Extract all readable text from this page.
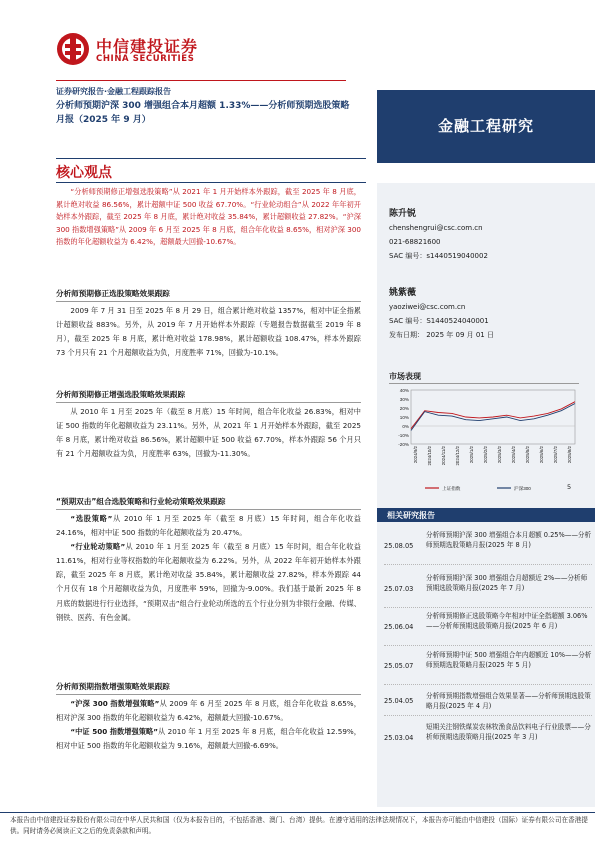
中信建投证券
CHINA SECURITIES
证券研究报告·金融工程跟踪报告
分析师预期沪深 300 增强组合本月超额 1.33%——分析师预期选股策略月报（2025 年 9 月）	金融工程研究
核心观点
“分析师预期修正增强选股策略”从 2021 年 1 月开始样本外跟踪，截至 2025 年 8 月底，累计绝对收益 86.56%，累计超额中证 500 收益 67.70%。“行业轮动组合”从 2022 年年初开始样本外跟踪，截至 2025 年 8 月底，累计绝对收益 35.84%，累计超额收益 27.82%。“沪深 300 指数增强策略”从 2009 年 6 月至 2025 年 8 月底，组合年化收益 8.65%，相对沪深 300 指数的年化超额收益为 6.42%，超额最大回撤-10.67%。
分析师预期修正选股策略效果跟踪

2009 年 7 月 31 日至 2025 年 8 月 29 日，组合累计绝对收益 1357%，相对中证全指累计超额收益 883%。另外，从 2019 年 7 月开始样本外跟踪（专题报告数据截至 2019 年 8 月），截至 2025 年 8 月底，累计绝对收益 178.98%，累计超额收益 108.47%，样本外跟踪 73 个月只有 21 个月超额收益为负，月度胜率 71%，回撤为-10.1%。

分析师预期修正增强选股策略效果跟踪

从 2010 年 1 月至 2025 年（截至 8 月底）15 年时间，组合年化收益 26.83%，相对中证 500 指数的年化超额收益为 23.11%。另外，从 2021 年 1 月开始样本外跟踪，截至 2025 年 8 月底，累计绝对收益 86.56%，累计超额中证 500 收益 67.70%，样本外跟踪 56 个月只有 21 个月超额收益为负，月度胜率 63%，回撤为-11.30%。

“预期双击”组合选股策略和行业轮动策略效果跟踪

“选股策略”从 2010 年 1 月至 2025 年（截至 8 月底）15 年时间，组合年化收益 24.16%，相对中证 500 指数的年化超额收益为 20.47%。

“行业轮动策略”从 2010 年 1 月至 2025 年（截至 8 月底）15 年时间，组合年化收益 11.61%，相对行业等权指数的年化超额收益为 6.22%。另外，从 2022 年年初开始样本外跟踪，截至 2025 年 8 月底，累计绝对收益 35.84%，累计超额收益 27.82%，样本外跟踪 44 个月仅有 18 个月超额收益为负，月度胜率 59%，回撤为-9.00%。我们基于最新 2025 年 8 月底的数据进行行业选择，“预期双击”组合行业轮动所选的五个行业分别为非银行金融、传媒、钢铁、医药、有色金属。

分析师预期指数增强策略效果跟踪

“沪深 300 指数增强策略”从 2009 年 6 月至 2025 年 8 月底，组合年化收益 8.65%，相对沪深 300 指数的年化超额收益为 6.42%，超额最大回撤-10.67%。

“中证 500 指数增强策略”从 2010 年 1 月至 2025 年 8 月底，组合年化收益 12.59%，相对中证 500 指数的年化超额收益为 9.16%，超额最大回撤-6.69%。

陈升锐
chenshengrui@csc.com.cn
021-68821600
SAC 编号：s1440519040002
姚紫薇
yaoziwei@csc.com.cn
SAC 编号：S1440524040001
发布日期： 2025 年 09 月 01 日
市场表现
40%
30%
20%
10%
0%
-10%
-20%
2024/9/2 2024/10/2 2024/11/2 2024/12/2 2025/1/2 2025/2/2 2025/3/2 2025/4/2 2025/5/2 2025/6/2 2025/7/2 2025/8/2
上证指数	沪深300	5
相关研究报告
25.08.05
分析师预期沪深 300 增强组合本月超额 0.25%——分析师预期选股策略月报(2025 年 8 月)
25.07.03
分析师预期沪深 300 增强组合月超额近 2%——分析师预期选股策略月报(2025 年 7 月)
25.06.04
分析师预期修正选股策略今年相对中证全指超额 3.06%——分析师预期选股策略月报(2025 年 6 月)
25.05.07
分析师预期中证 500 增强组合年内超额近 10%——分析师预期选股策略月报(2025 年 5 月)
25.04.05
分析师预期指数增强组合效果显著——分析师预期选股策略月报(2025 年 4 月)
25.03.04
短期关注钢铁煤炭农林牧渔食品饮料电子行业股票——分析师预期选股策略月报(2025 年 3 月)
本报告由中信建投证券股份有限公司在中华人民共和国（仅为本报告目的，不包括香港、澳门、台湾）提供。在遵守适用的法律法规情况下，本报告亦可能由中信建投（国际）证券有限公司在香港提供。同时请务必阅读正文之后的免责条款和声明。
